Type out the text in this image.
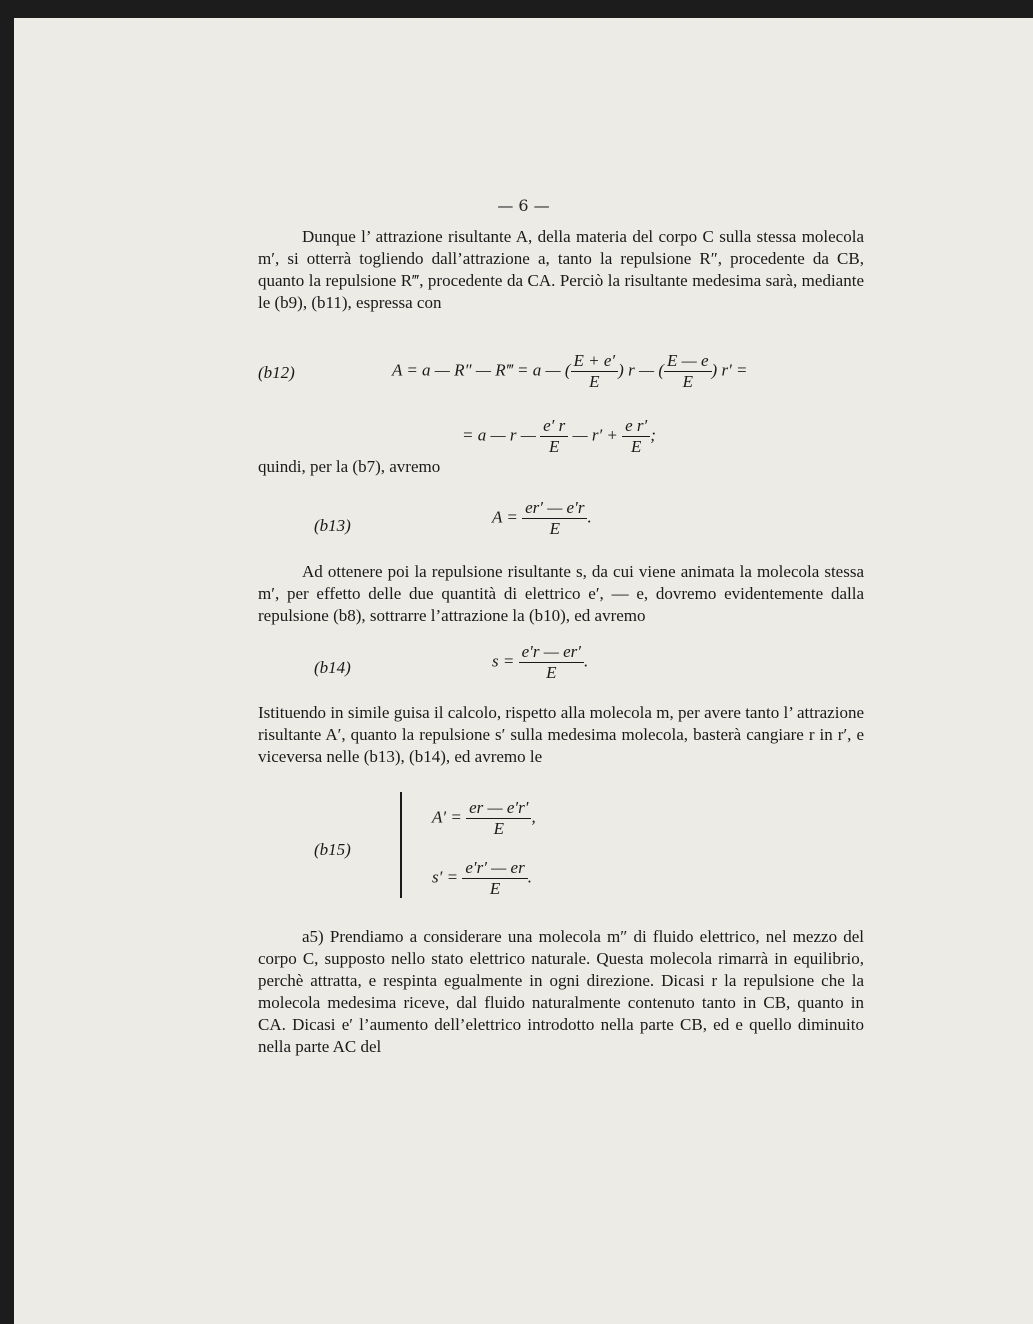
— 6 —

Dunque l’ attrazione risultante A, della materia del corpo C sulla stessa molecola m′, si otterrà togliendo dall’attrazione a, tanto la repulsione R″, procedente da CB, quanto la repulsione R‴, procedente da CA. Perciò la risultante medesima sarà, mediante le (b9), (b11), espressa con

(b12)	A = a — R″ — R‴ = a — ( $\frac{E + e'}{E}$ ) r — ( $\frac{E — e}{E}$ ) r′ =
= a — r — $\frac{e' r}{E}$ — $r' + \frac{\text{e r′}}{E}$ ;

quindi, per la (b7), avremo

(b13)	$A = \frac{er' — e'r}{E}$ .

Ad ottenere poi la repulsione risultante s, da cui viene animata la molecola stessa m′, per effetto delle due quantità di elettrico e′, — e, dovremo evidentemente dalla repulsione (b8), sottrarre l’attrazione la (b10), ed avremo

(b14)	$s = \frac{e'r — er'}{E}$ .

Istituendo in simile guisa il calcolo, rispetto alla molecola m, per avere tanto l’ attrazione risultante A′, quanto la repulsione s′ sulla medesima molecola, basterà cangiare r in r′, e viceversa nelle (b13), (b14), ed avremo le

(b15)
$A' = \frac{er — e'r'}{E}$ ,
$s' = \frac{e'r' — er}{E}$ .

a5) Prendiamo a considerare una molecola m″ di fluido elettrico, nel mezzo del corpo C, supposto nello stato elettrico naturale. Questa molecola rimarrà in equilibrio, perchè attratta, e respinta egualmente in ogni direzione. Dicasi r la repulsione che la molecola medesima riceve, dal fluido naturalmente contenuto tanto in CB, quanto in CA. Dicasi e′ l’aumento dell’elettrico introdotto nella parte CB, ed e quello diminuito nella parte AC del
